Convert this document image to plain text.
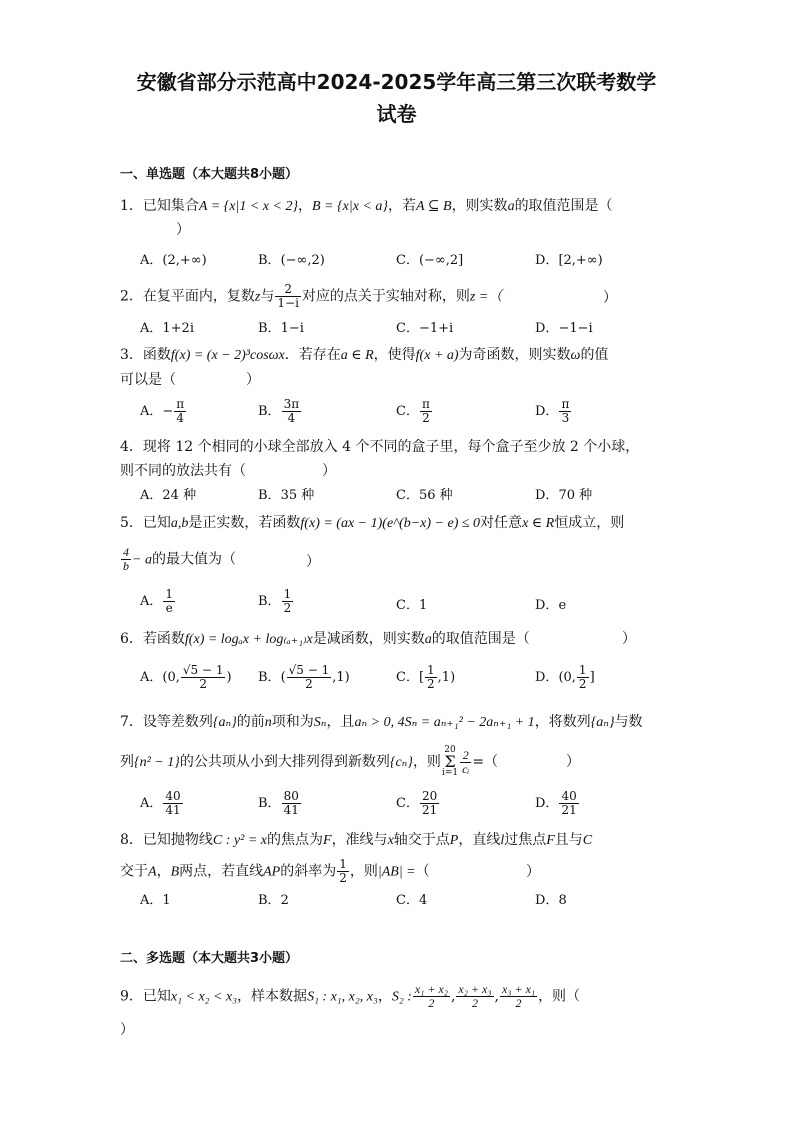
安徽省部分示范高中2024-2025学年高三第三次联考数学
试卷
一、单选题（本大题共8小题）
1．已知集合A = {x|1 < x < 2}，B = {x|x < a}，若A ⊆ B，则实数a的取值范围是（
）
A．(2,+∞)	B．(−∞,2)	C．(−∞,2]	D．[2,+∞)
2．在复平面内，复数z与 $\frac{2}{1-i}$ 对应的点关于实轴对称，则z =（	）
A．1+2i	B．1−i	C．−1+i	D．−1−i
3．函数f(x) = (x − 2)³cosωx．若存在a ∈ R，使得f(x + a)为奇函数，则实数ω的值
可以是（	）
A．− $\frac{\pi}{4}$	B． $\frac{3\pi}{4}$	C． $\frac{\pi}{2}$	D． $\frac{\pi}{3}$
4．现将 12 个相同的小球全部放入 4 个不同的盒子里，每个盒子至少放 2 个小球，
则不同的放法共有（	）
A．24 种	B．35 种	C．56 种	D．70 种
5．已知a,b是正实数，若函数f(x) = (ax − 1)(e^(b−x) − e) ≤ 0对任意x ∈ R恒成立，则
$\frac{4}{b} - a$的最大值为（	）
A． $\frac{1}{e}$	B． $\frac{1}{2}$	C．1	D．e
6．若函数f(x) = logₐx + log₍ₐ₊₁₎x是减函数，则实数a的取值范围是（	）
A．(0, $\frac{√5 - 1}{2}$ ) B．( $\frac{√5 - 1}{2} ,1$)	C．[ $\frac{1}{2} ,1$)	D．(0, $\frac{1}{2}$ ]
7．设等差数列{aₙ}的前n项和为Sₙ，且aₙ > 0, 4Sₙ = aₙ₊₁² − 2aₙ₊₁ + 1，将数列{aₙ}与数
列{n² − 1}的公共项从小到大排列得到新数列{cₙ}，则
20
Σ
$i=1 \frac{2}{\text{cᵢ}}$ =（	）
A． $\frac{40}{41}$	B． $\frac{80}{41}$	C． $\frac{20}{21}$	D． $\frac{40}{21}$
8．已知抛物线C : y² = x的焦点为F，准线与x轴交于点P，直线l过焦点F且与C
交于A，B两点，若直线AP的斜率为 $\frac{1}{2}$ ，则|AB| =（	）
A．1	B．2	C．4	D．8
二、多选题（本大题共3小题）
9．已知x₁ < x₂ < x₃，样本数据S₁ : x₁, x₂, x₃，S₂ : $\frac{\text{x₁ + x₂}}{2}$ , $\frac{\text{x₂ + x₃}}{2}$ , $\frac{\text{x₃ + x₁}}{2}$ ，则（
）
